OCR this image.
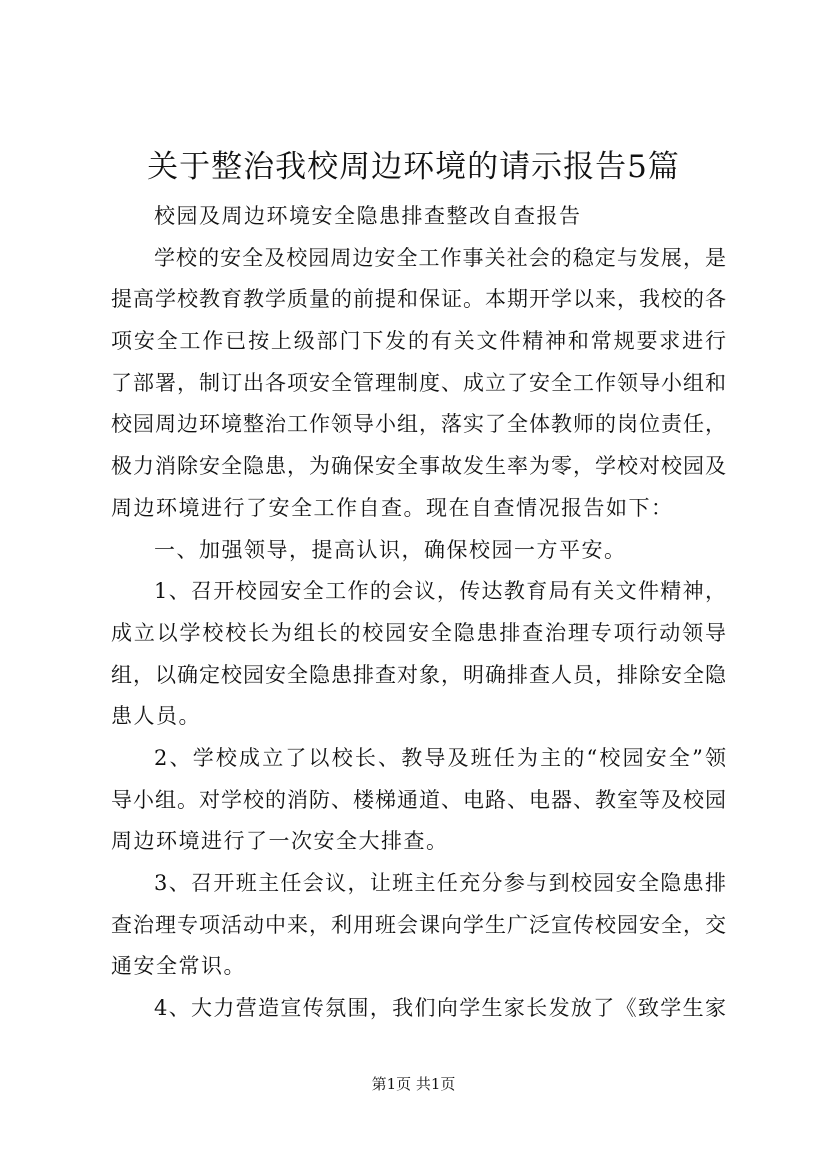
关于整治我校周边环境的请示报告5篇
校园及周边环境安全隐患排查整改自查报告
学校的安全及校园周边安全工作事关社会的稳定与发展，是
提高学校教育教学质量的前提和保证。本期开学以来，我校的各
项安全工作已按上级部门下发的有关文件精神和常规要求进行
了部署，制订出各项安全管理制度、成立了安全工作领导小组和
校园周边环境整治工作领导小组，落实了全体教师的岗位责任，
极力消除安全隐患，为确保安全事故发生率为零，学校对校园及
周边环境进行了安全工作自查。现在自查情况报告如下：
一、加强领导，提高认识，确保校园一方平安。
1、召开校园安全工作的会议，传达教育局有关文件精神，
成立以学校校长为组长的校园安全隐患排查治理专项行动领导
组，以确定校园安全隐患排查对象，明确排查人员，排除安全隐
患人员。
2、学校成立了以校长、教导及班任为主的“校园安全”领
导小组。对学校的消防、楼梯通道、电路、电器、教室等及校园
周边环境进行了一次安全大排查。
3、召开班主任会议，让班主任充分参与到校园安全隐患排
查治理专项活动中来，利用班会课向学生广泛宣传校园安全，交
通安全常识。
4、大力营造宣传氛围，我们向学生家长发放了《致学生家
第1页 共1页
